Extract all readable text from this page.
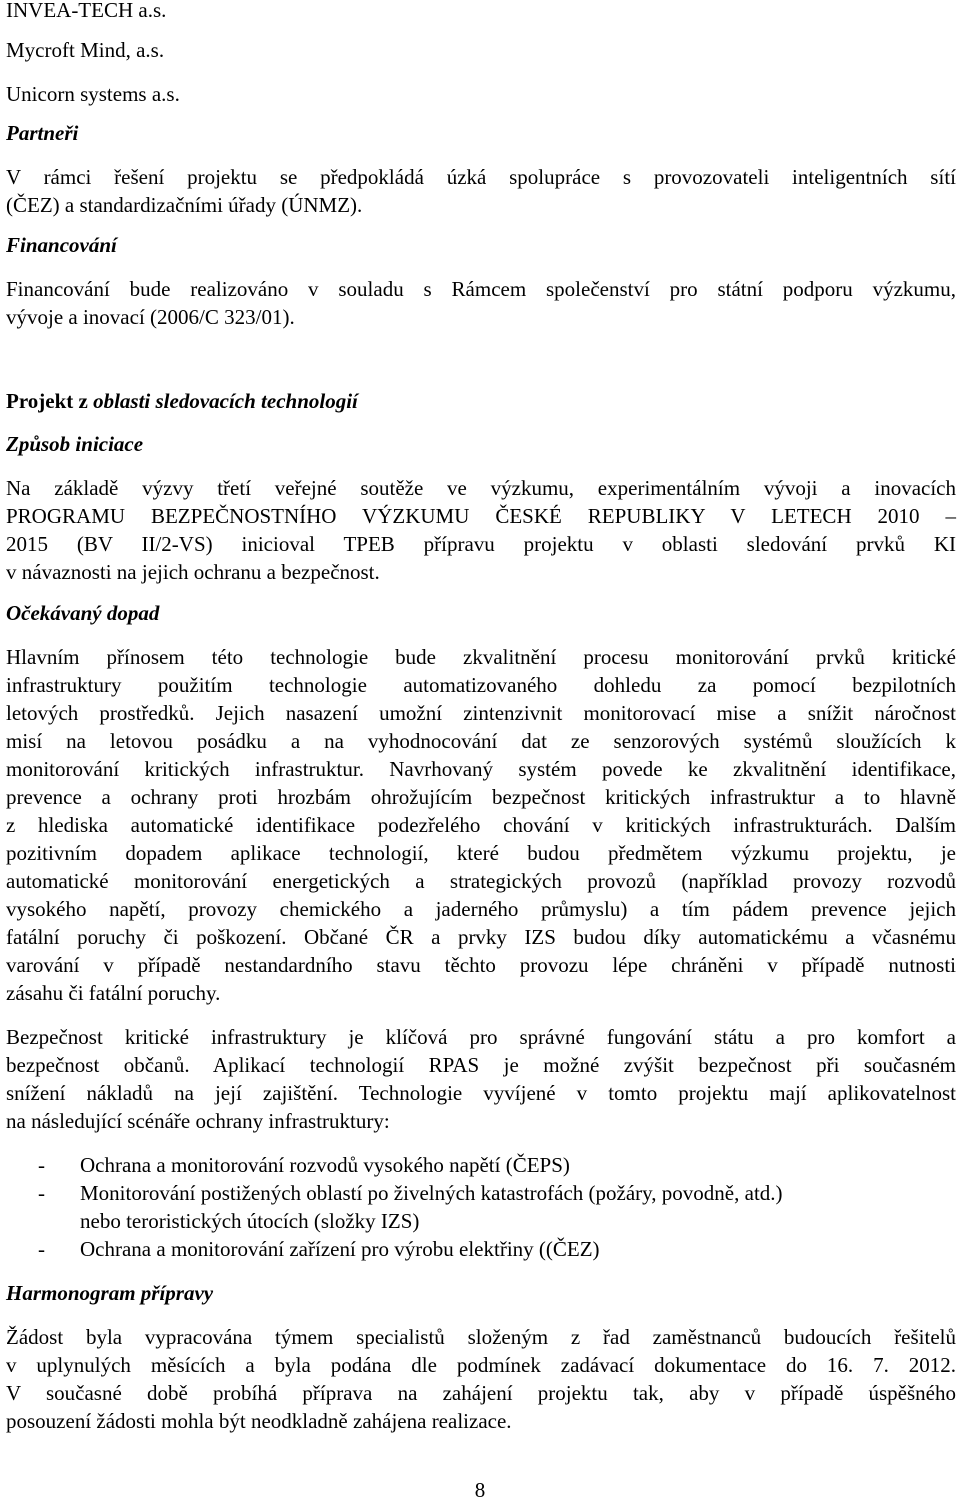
INVEA-TECH a.s.
Mycroft Mind, a.s.
Unicorn systems a.s.
Partneři
V rámci řešení projektu se předpokládá úzká spolupráce s provozovateli inteligentních sítí
(ČEZ) a standardizačními úřady (ÚNMZ).
Financování
Financování bude realizováno v souladu s Rámcem společenství pro státní podporu výzkumu,
vývoje a inovací (2006/C 323/01).
Projekt z oblasti sledovacích technologií
Způsob iniciace
Na základě výzvy třetí veřejné soutěže ve výzkumu, experimentálním vývoji a inovacích
PROGRAMU BEZPEČNOSTNÍHO VÝZKUMU ČESKÉ REPUBLIKY V LETECH 2010 –
2015 (BV II/2-VS) inicioval TPEB přípravu projektu v oblasti sledování prvků KI
v návaznosti na jejich ochranu a bezpečnost.
Očekávaný dopad
Hlavním přínosem této technologie bude zkvalitnění procesu monitorování prvků kritické
infrastruktury použitím technologie automatizovaného dohledu za pomocí bezpilotních
letových prostředků. Jejich nasazení umožní zintenzivnit monitorovací mise a snížit náročnost
misí na letovou posádku a na vyhodnocování dat ze senzorových systémů sloužících k
monitorování kritických infrastruktur. Navrhovaný systém povede ke zkvalitnění identifikace,
prevence a ochrany proti hrozbám ohrožujícím bezpečnost kritických infrastruktur a to hlavně
z hlediska automatické identifikace podezřelého chování v kritických infrastrukturách. Dalším
pozitivním dopadem aplikace technologií, které budou předmětem výzkumu projektu, je
automatické monitorování energetických a strategických provozů (například provozy rozvodů
vysokého napětí, provozy chemického a jaderného průmyslu) a tím pádem prevence jejich
fatální poruchy či poškození. Občané ČR a prvky IZS budou díky automatickému a včasnému
varování v případě nestandardního stavu těchto provozu lépe chráněni v případě nutnosti
zásahu či fatální poruchy.
Bezpečnost kritické infrastruktury je klíčová pro správné fungování státu a pro komfort a
bezpečnost občanů. Aplikací technologií RPAS je možné zvýšit bezpečnost při současném
snížení nákladů na její zajištění. Technologie vyvíjené v tomto projektu mají aplikovatelnost
na následující scénáře ochrany infrastruktury:
- Ochrana a monitorování rozvodů vysokého napětí (ČEPS)
- Monitorování postižených oblastí po živelných katastrofách (požáry, povodně, atd.)
nebo teroristických útocích (složky IZS)
- Ochrana a monitorování zařízení pro výrobu elektřiny ((ČEZ)
Harmonogram přípravy
Žádost byla vypracována týmem specialistů složeným z řad zaměstnanců budoucích řešitelů
v uplynulých měsících a byla podána dle podmínek zadávací dokumentace do 16. 7. 2012.
V současné době probíhá příprava na zahájení projektu tak, aby v případě úspěšného
posouzení žádosti mohla být neodkladně zahájena realizace.
8
